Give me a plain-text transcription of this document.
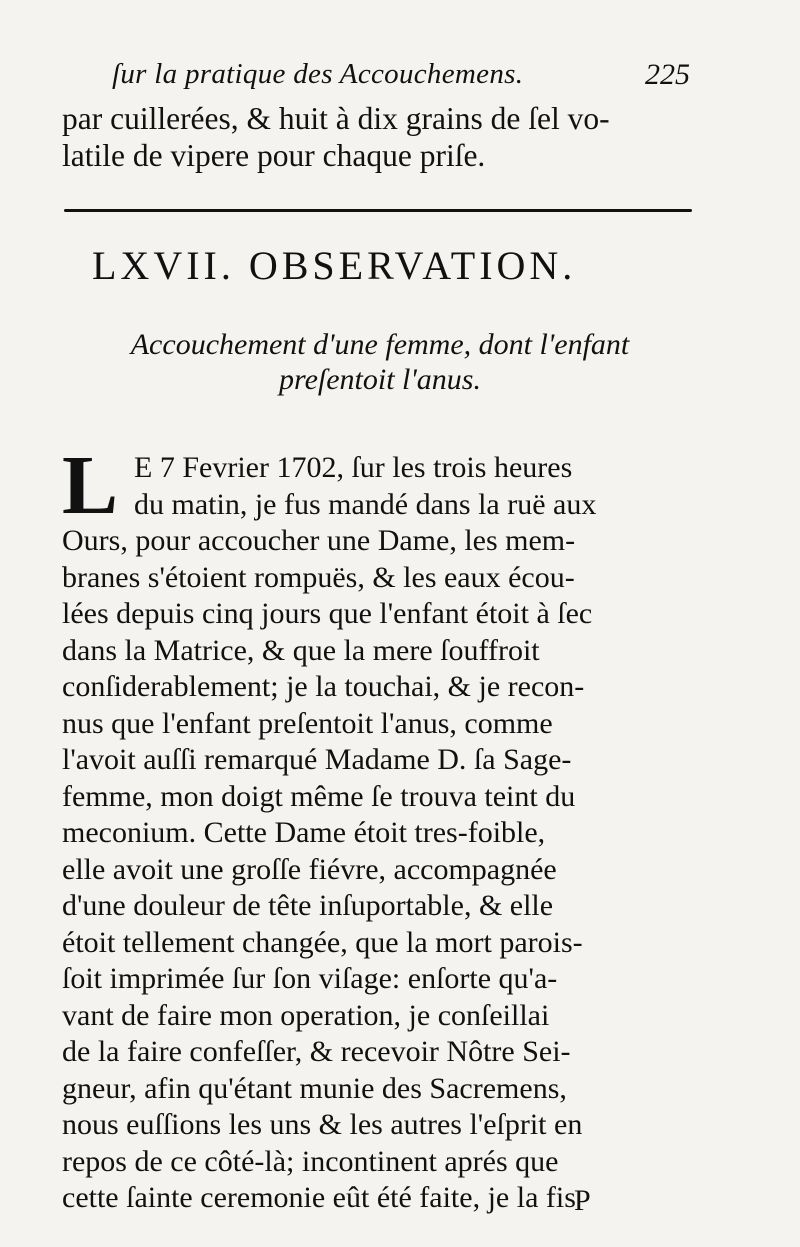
ſur la pratique des Accouchemens.	225
par cuillerées, & huit à dix grains de ſel vo-
latile de vipere pour chaque priſe.
LXVII. OBSERVATION.
Accouchement d'une femme, dont l'enfant
preſentoit l'anus.
L E 7 Fevrier 1702, ſur les trois heures
du matin, je fus mandé dans la ruë aux
Ours, pour accoucher une Dame, les mem-
branes s'étoient rompuës, & les eaux écou-
lées depuis cinq jours que l'enfant étoit à ſec
dans la Matrice, & que la mere ſouffroit
conſiderablement; je la touchai, & je recon-
nus que l'enfant preſentoit l'anus, comme
l'avoit auſſi remarqué Madame D. ſa Sage-
femme, mon doigt même ſe trouva teint du
meconium. Cette Dame étoit tres-foible,
elle avoit une groſſe fiévre, accompagnée
d'une douleur de tête inſuportable, & elle
étoit tellement changée, que la mort parois-
ſoit imprimée ſur ſon viſage: enſorte qu'a-
vant de faire mon operation, je conſeillai
de la faire confeſſer, & recevoir Nôtre Sei-
gneur, afin qu'étant munie des Sacremens,
nous euſſions les uns & les autres l'eſprit en
repos de ce côté-là; incontinent aprés que
cette ſainte ceremonie eût été faite, je la fis
P
